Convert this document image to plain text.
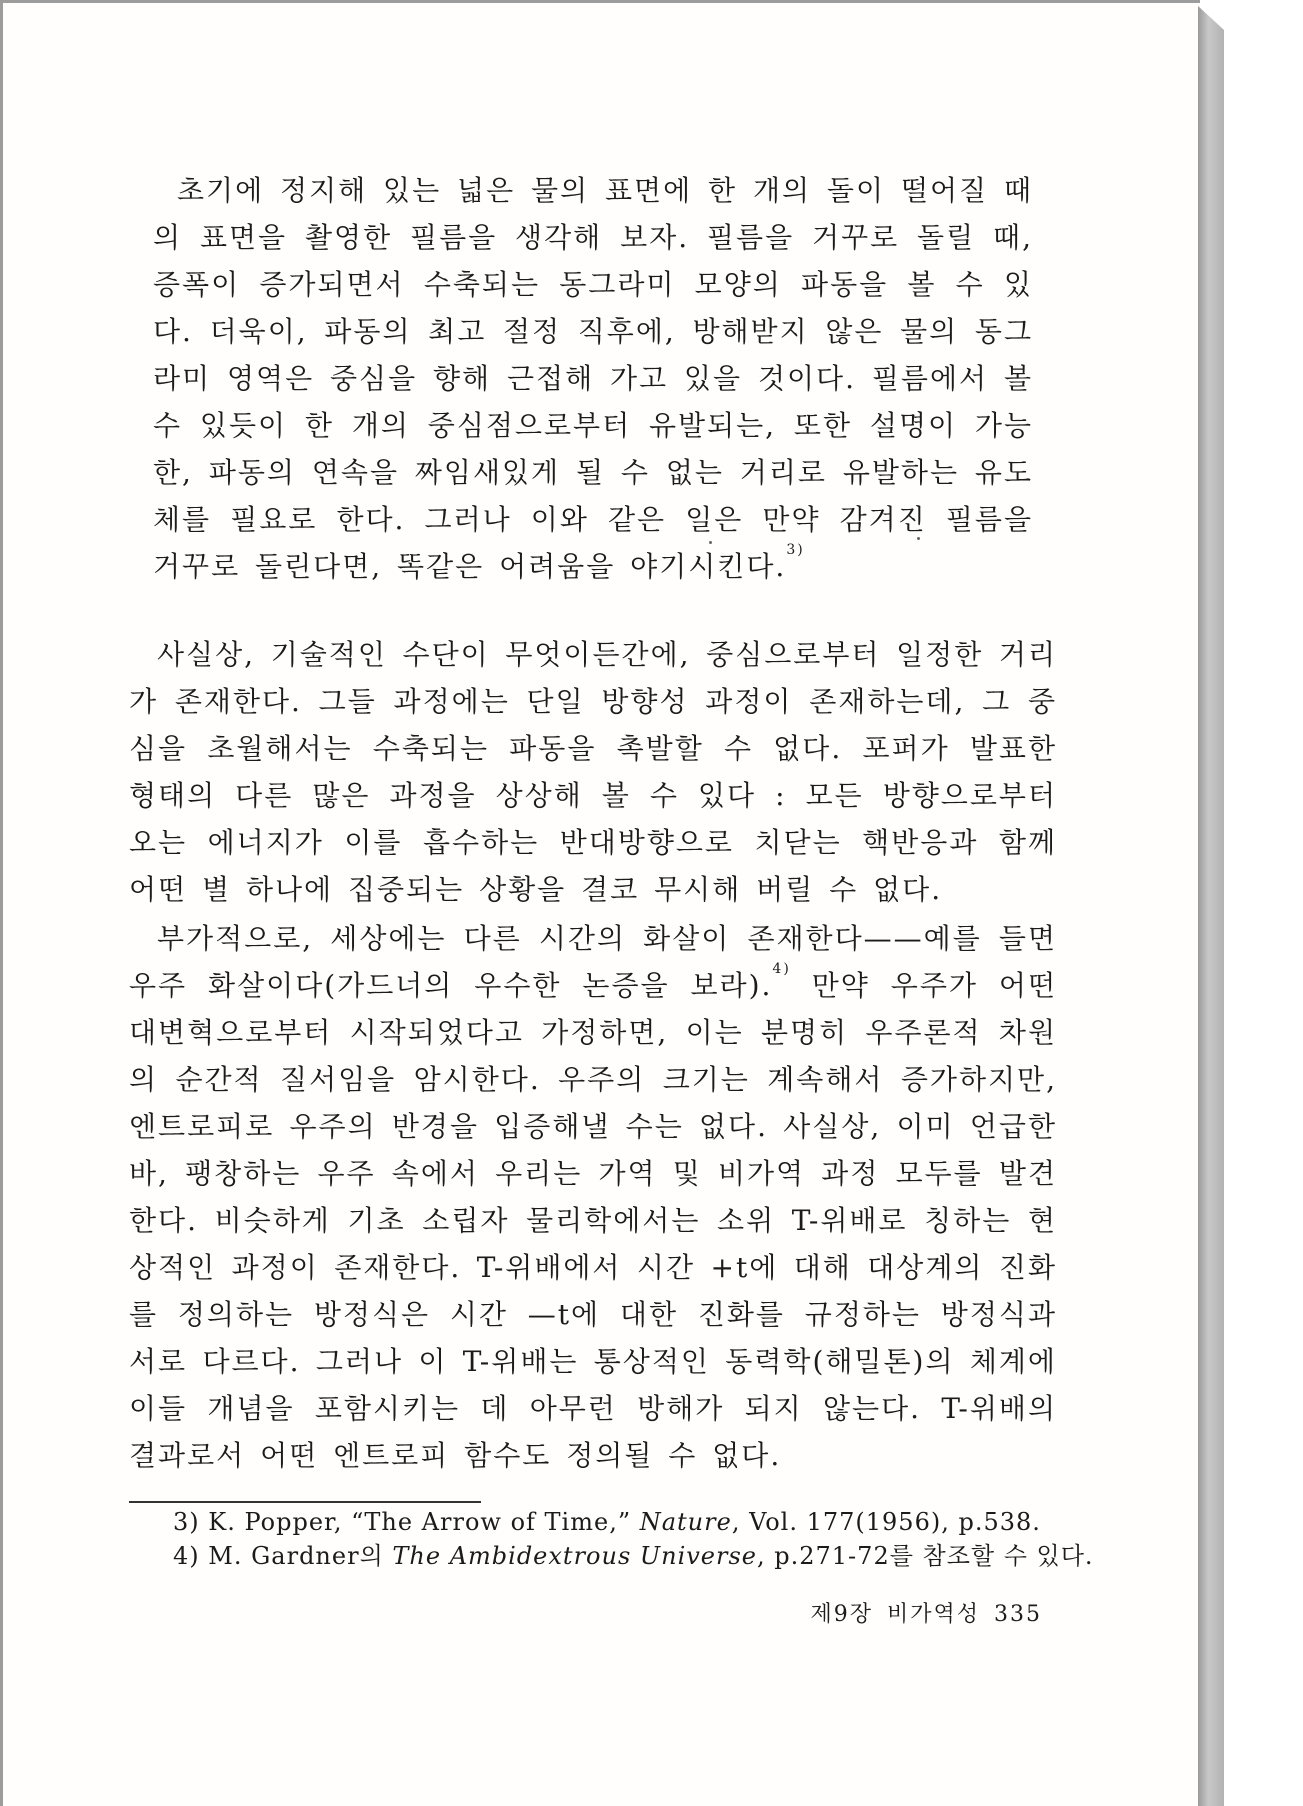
초기에 정지해 있는 넓은 물의 표면에 한 개의 돌이 떨어질 때의 표면을 촬영한 필름을 생각해 보자. 필름을 거꾸로 돌릴 때, 증폭이 증가되면서 수축되는 동그라미 모양의 파동을 볼 수 있다. 더욱이, 파동의 최고 절정 직후에, 방해받지 않은 물의 동그라미 영역은 중심을 향해 근접해 가고 있을 것이다. 필름에서 볼 수 있듯이 한 개의 중심점으로부터 유발되는, 또한 설명이 가능한, 파동의 연속을 짜임새있게 될 수 없는 거리로 유발하는 유도체를 필요로 한다. 그러나 이와 같은 일은 만약 감겨진 필름을 거꾸로 돌린다면, 똑같은 어려움을 야기시킨다.$^{3)}$

사실상, 기술적인 수단이 무엇이든간에, 중심으로부터 일정한 거리가 존재한다. 그들 과정에는 단일 방향성 과정이 존재하는데, 그 중심을 초월해서는 수축되는 파동을 촉발할 수 없다. 포퍼가 발표한 형태의 다른 많은 과정을 상상해 볼 수 있다 : 모든 방향으로부터 오는 에너지가 이를 흡수하는 반대방향으로 치닫는 핵반응과 함께 어떤 별 하나에 집중되는 상황을 결코 무시해 버릴 수 없다.

부가적으로, 세상에는 다른 시간의 화살이 존재한다——예를 들면 우주 화살이다(가드너의 우수한 논증을 보라).$^{4)}$ 만약 우주가 어떤 대변혁으로부터 시작되었다고 가정하면, 이는 분명히 우주론적 차원의 순간적 질서임을 암시한다. 우주의 크기는 계속해서 증가하지만, 엔트로피로 우주의 반경을 입증해낼 수는 없다. 사실상, 이미 언급한 바, 팽창하는 우주 속에서 우리는 가역 및 비가역 과정 모두를 발견한다. 비슷하게 기초 소립자 물리학에서는 소위 T-위배로 칭하는 현상적인 과정이 존재한다. T-위배에서 시간 +t에 대해 대상계의 진화를 정의하는 방정식은 시간 —t에 대한 진화를 규정하는 방정식과 서로 다르다. 그러나 이 T-위배는 통상적인 동력학(해밀톤)의 체계에 이들 개념을 포함시키는 데 아무런 방해가 되지 않는다. T-위배의 결과로서 어떤 엔트로피 함수도 정의될 수 없다.

3) K. Popper, “The Arrow of Time,” Nature, Vol. 177(1956), p.538.
4) M. Gardner의 The Ambidextrous Universe, p.271-72를 참조할 수 있다.
제9장 비가역성 335
